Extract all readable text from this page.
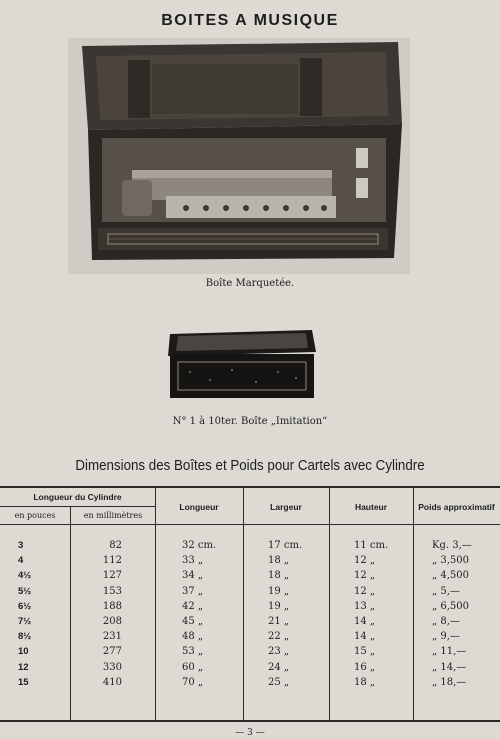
BOITES A MUSIQUE
Boîte Marquetée.
N° 1 à 10ter. Boîte „Imitation“
Dimensions des Boîtes et Poids pour Cartels avec Cylindre
Longueur du Cylindre
en pouces	en millimètres
Longueur	Largeur	Hauteur	Poids approximatif
3	82	32 cm.	17 cm.	11 cm.	Kg. 3,—
4	112	33 „	18 „	12 „	„ 3,500
4½	127	34 „	18 „	12 „	„ 4,500
5½	153	37 „	19 „	12 „	„ 5,—
6½	188	42 „	19 „	13 „	„ 6,500
7½	208	45 „	21 „	14 „	„ 8,—
8½	231	48 „	22 „	14 „	„ 9,—
10	277	53 „	23 „	15 „	„ 11,—
12	330	60 „	24 „	16 „	„ 14,—
15	410	70 „	25 „	18 „	„ 18,—
— 3 —
